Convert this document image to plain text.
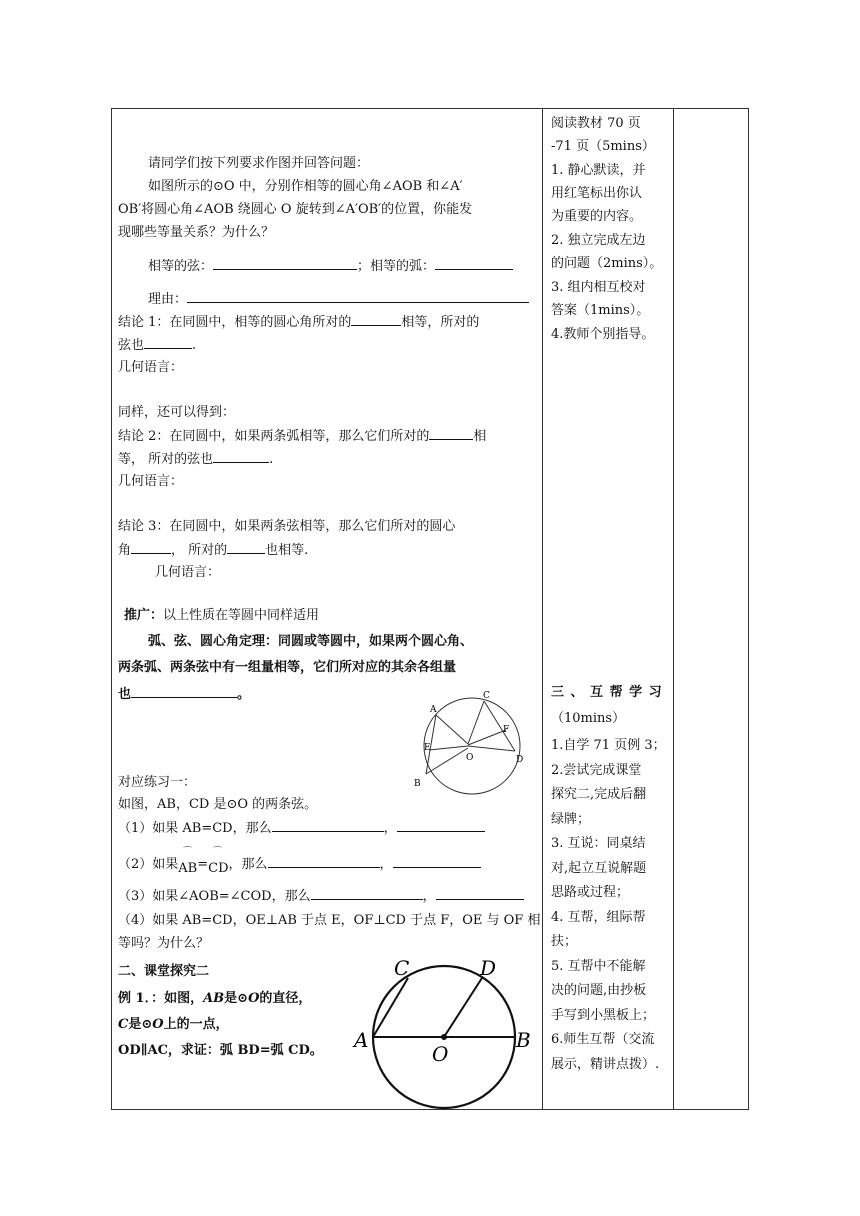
请同学们按下列要求作图并回答问题：
如图所示的⊙O 中，分别作相等的圆心角∠AOB 和∠A′
OB′将圆心角∠AOB 绕圆心 O 旋转到∠A′OB′的位置，你能发
现哪些等量关系？为什么？
相等的弦：	；相等的弧：
理由：
结论 1：在同圆中，相等的圆心角所对的	相等，所对的
弦也	.
几何语言：
同样，还可以得到：
结论 2：在同圆中，如果两条弧相等，那么它们所对的	相
等， 所对的弦也	.
几何语言：
结论 3：在同圆中，如果两条弦相等，那么它们所对的圆心
角	， 所对的	也相等.
几何语言：
推广：以上性质在等圆中同样适用
弧、弦、圆心角定理：同圆或等圆中，如果两个圆心角、
两条弧、两条弦中有一组量相等，它们所对应的其余各组量
也	。
A
C
E
F
O	D
B
对应练习一：
如图，AB，CD 是⊙O 的两条弦。
（1）如果 AB=CD，那么	，
（2）如果
⌒
AB=
⌒
CD，那么	，
（3）如果∠AOB=∠COD，那么	，
（4）如果 AB=CD，OE⊥AB 于点 E，OF⊥CD 于点 F，OE 与 OF 相
等吗？为什么？
二、课堂探究二
例 1．：如图，AB是⊙O的直径，
C是⊙O上的一点，
OD∥AC，求证：弧 BD=弧 CD。 A
C	D
B
O
阅读教材 70 页
-71 页（5mins）
1. 静心默读，并
用红笔标出你认
为重要的内容。
2. 独立完成左边
的问题（2mins）。
3. 组内相互校对
答案（1mins）。
4.教师个别指导。
三 、 互 帮 学 习
（10mins）
1.自学 71 页例 3；
2.尝试完成课堂
探究二,完成后翻
绿牌；
3. 互说：同桌结
对,起立互说解题
思路或过程；
4. 互帮，组际帮
扶；
5. 互帮中不能解
决的问题,由抄板
手写到小黑板上；
6.师生互帮（交流
展示，精讲点拨）.
